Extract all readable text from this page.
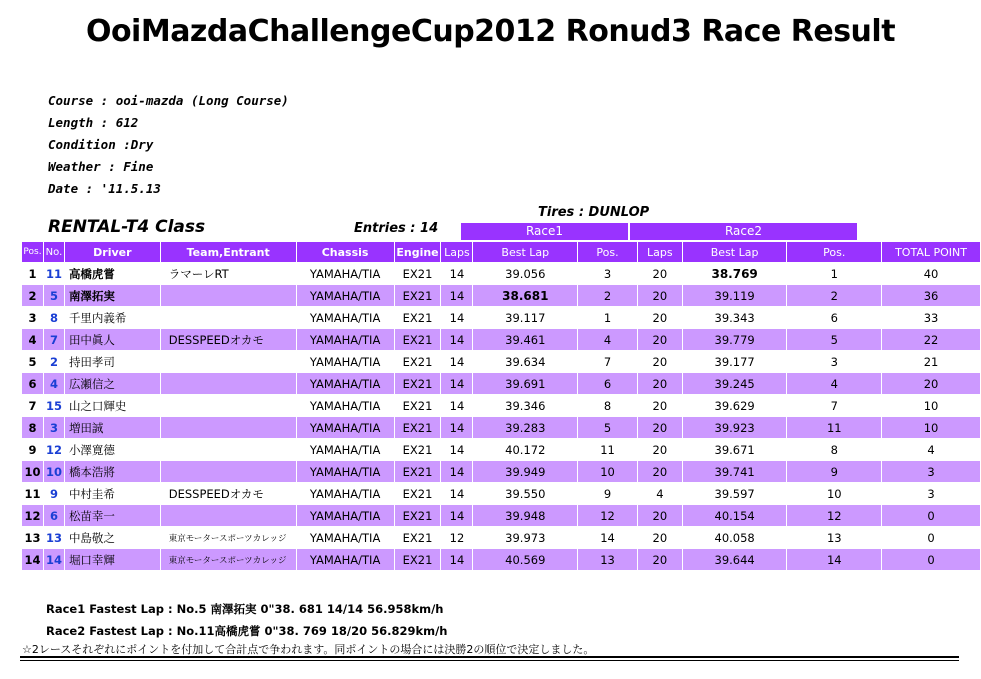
OoiMazdaChallengeCup2012 Ronud3 Race Result
Course : ooi-mazda (Long Course)
Length : 612
Condition :Dry
Weather : Fine
Date : '11.5.13
RENTAL-T4 Class	Entries : 14
Tires : DUNLOP
Race1	Race2
Pos.	No.	Driver	Team,Entrant	Chassis	Engine	Laps	Best Lap	Pos.	Laps	Best Lap	Pos.	TOTAL POINT
1	11	高橋虎嘗	ラマーレRT	YAMAHA/TIA	EX21	14	39.056	3	20	38.769	1	40
2	5	南澤拓実		YAMAHA/TIA	EX21	14	38.681	2	20	39.119	2	36
3	8	千里内義希		YAMAHA/TIA	EX21	14	39.117	1	20	39.343	6	33
4	7	田中眞人	DESSPEEDオカモ	YAMAHA/TIA	EX21	14	39.461	4	20	39.779	5	22
5	2	持田孝司		YAMAHA/TIA	EX21	14	39.634	7	20	39.177	3	21
6	4	広瀬信之		YAMAHA/TIA	EX21	14	39.691	6	20	39.245	4	20
7	15	山之口輝史		YAMAHA/TIA	EX21	14	39.346	8	20	39.629	7	10
8	3	増田誠		YAMAHA/TIA	EX21	14	39.283	5	20	39.923	11	10
9	12	小澤寛德		YAMAHA/TIA	EX21	14	40.172	11	20	39.671	8	4
10	10	橋本浩將		YAMAHA/TIA	EX21	14	39.949	10	20	39.741	9	3
11	9	中村圭希	DESSPEEDオカモ	YAMAHA/TIA	EX21	14	39.550	9	4	39.597	10	3
12	6	松苗幸一		YAMAHA/TIA	EX21	14	39.948	12	20	40.154	12	0
13	13	中島敬之	東京モータースポーツカレッジ	YAMAHA/TIA	EX21	12	39.973	14	20	40.058	13	0
14	14	堀口幸輝	東京モータースポーツカレッジ	YAMAHA/TIA	EX21	14	40.569	13	20	39.644	14	0
Race1 Fastest Lap : No.5 南澤拓実 0"38. 681 14/14 56.958km/h
Race2 Fastest Lap : No.11高橋虎嘗 0"38. 769 18/20 56.829km/h
☆2レースそれぞれにポイントを付加して合計点で争われます。同ポイントの場合には決勝2の順位で決定しました。
